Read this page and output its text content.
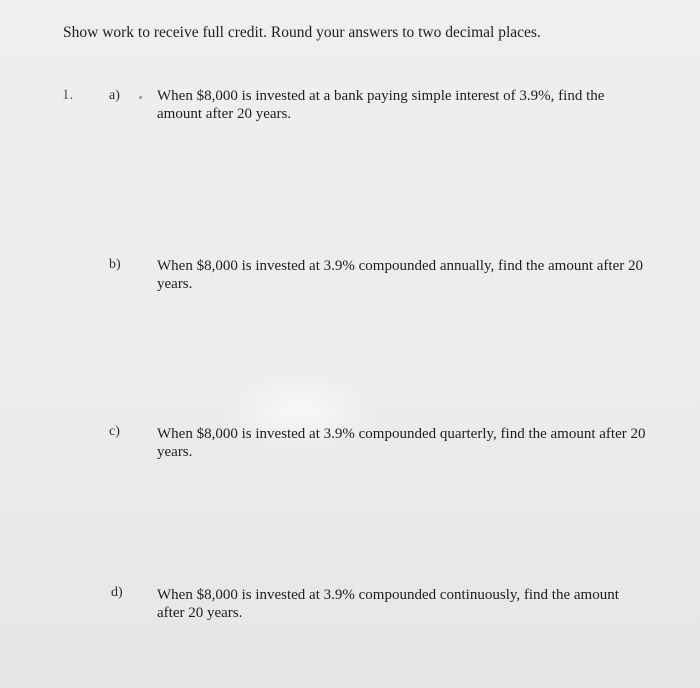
Show work to receive full credit. Round your answers to two decimal places.
1.	a) When $8,000 is invested at a bank paying simple interest of 3.9%, find the amount after 20 years.
b) When $8,000 is invested at 3.9% compounded annually, find the amount after 20 years.
c) When $8,000 is invested at 3.9% compounded quarterly, find the amount after 20 years.
d) When $8,000 is invested at 3.9% compounded continuously, find the amount after 20 years.
